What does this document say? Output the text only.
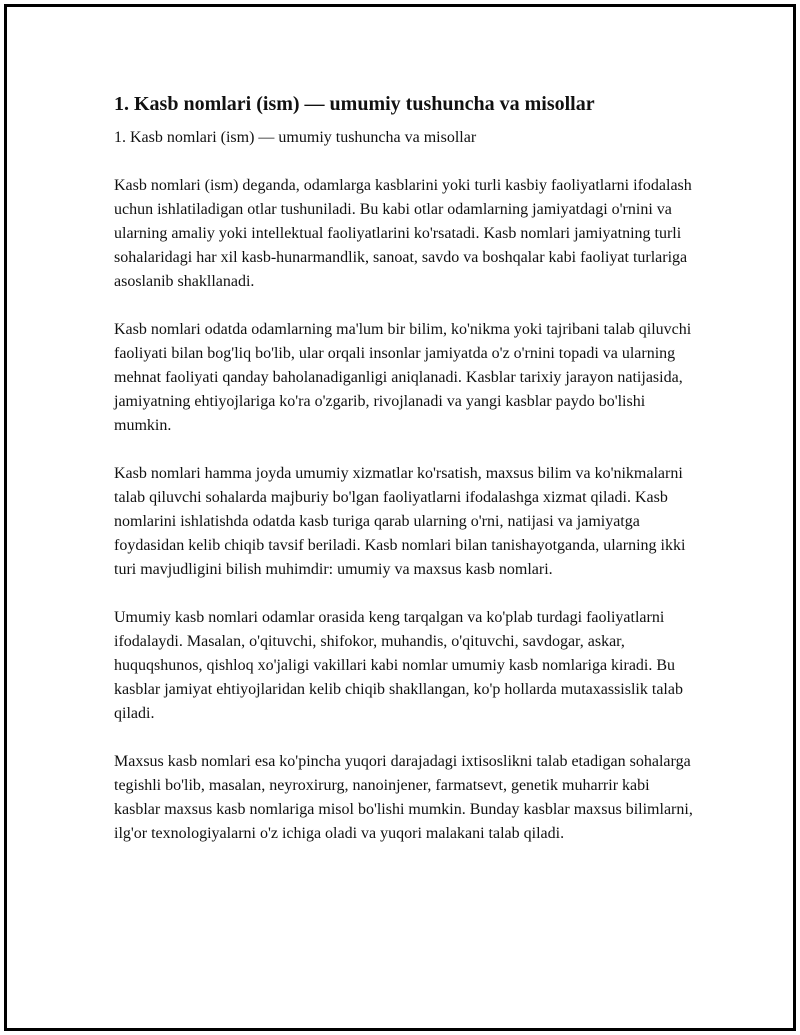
1. Kasb nomlari (ism) — umumiy tushuncha va misollar

1. Kasb nomlari (ism) — umumiy tushuncha va misollar

Kasb nomlari (ism) deganda, odamlarga kasblarini yoki turli kasbiy faoliyatlarni ifodalash uchun ishlatiladigan otlar tushuniladi. Bu kabi otlar odamlarning jamiyatdagi o'rnini va ularning amaliy yoki intellektual faoliyatlarini ko'rsatadi. Kasb nomlari jamiyatning turli sohalaridagi har xil kasb-hunarmandlik, sanoat, savdo va boshqalar kabi faoliyat turlariga asoslanib shakllanadi.

Kasb nomlari odatda odamlarning ma'lum bir bilim, ko'nikma yoki tajribani talab qiluvchi faoliyati bilan bog'liq bo'lib, ular orqali insonlar jamiyatda o'z o'rnini topadi va ularning mehnat faoliyati qanday baholanadiganligi aniqlanadi. Kasblar tarixiy jarayon natijasida, jamiyatning ehtiyojlariga ko'ra o'zgarib, rivojlanadi va yangi kasblar paydo bo'lishi mumkin.

Kasb nomlari hamma joyda umumiy xizmatlar ko'rsatish, maxsus bilim va ko'nikmalarni talab qiluvchi sohalarda majburiy bo'lgan faoliyatlarni ifodalashga xizmat qiladi. Kasb nomlarini ishlatishda odatda kasb turiga qarab ularning o'rni, natijasi va jamiyatga foydasidan kelib chiqib tavsif beriladi. Kasb nomlari bilan tanishayotganda, ularning ikki turi mavjudligini bilish muhimdir: umumiy va maxsus kasb nomlari.

Umumiy kasb nomlari odamlar orasida keng tarqalgan va ko'plab turdagi faoliyatlarni ifodalaydi. Masalan, o'qituvchi, shifokor, muhandis, o'qituvchi, savdogar, askar, huquqshunos, qishloq xo'jaligi vakillari kabi nomlar umumiy kasb nomlariga kiradi. Bu kasblar jamiyat ehtiyojlaridan kelib chiqib shakllangan, ko'p hollarda mutaxassislik talab qiladi.

Maxsus kasb nomlari esa ko'pincha yuqori darajadagi ixtisoslikni talab etadigan sohalarga tegishli bo'lib, masalan, neyroxirurg, nanoinjener, farmatsevt, genetik muharrir kabi kasblar maxsus kasb nomlariga misol bo'lishi mumkin. Bunday kasblar maxsus bilimlarni, ilg'or texnologiyalarni o'z ichiga oladi va yuqori malakani talab qiladi.
